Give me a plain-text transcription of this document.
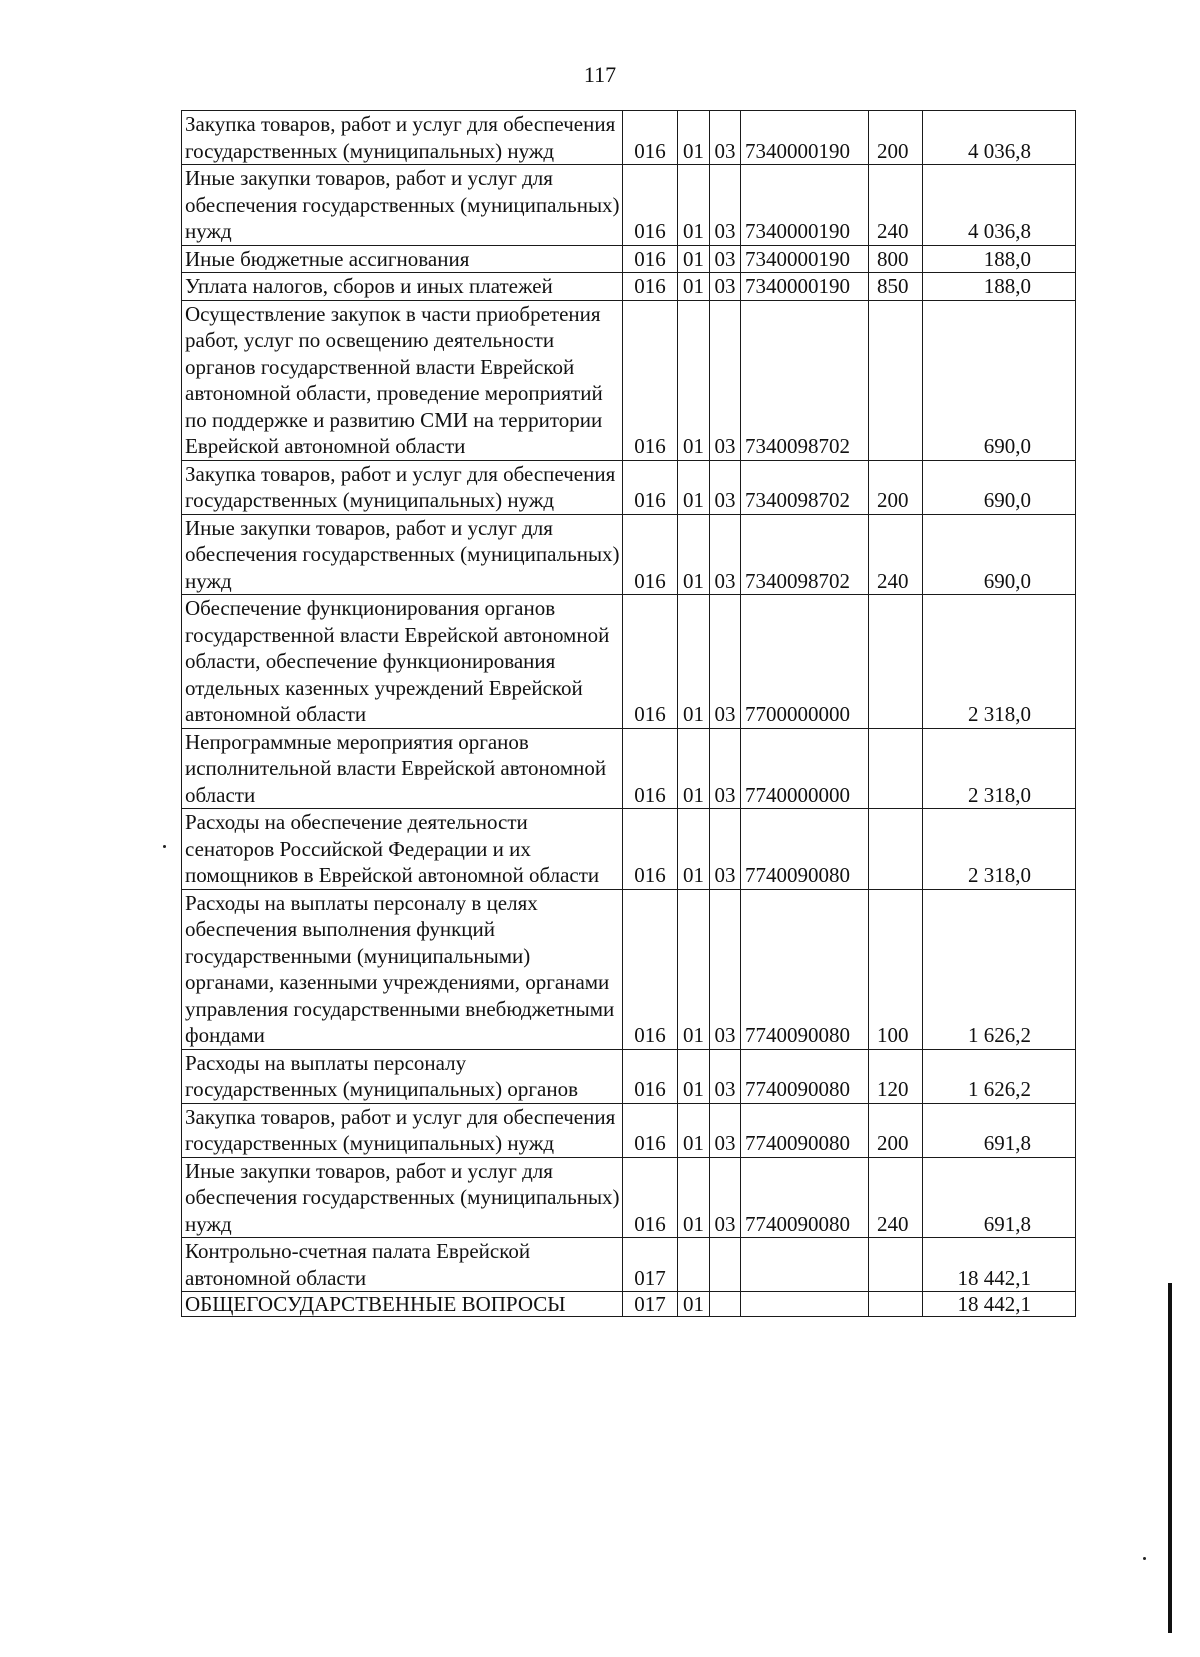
117
Закупка товаров, работ и услуг для обеспечения государственных (муниципальных) нужд	016	01	03	7340000190	200	4 036,8
Иные закупки товаров, работ и услуг для обеспечения государственных (муниципальных) нужд	016	01	03	7340000190	240	4 036,8
Иные бюджетные ассигнования	016	01	03	7340000190	800	188,0
Уплата налогов, сборов и иных платежей	016	01	03	7340000190	850	188,0
Осуществление закупок в части приобретения работ, услуг по освещению деятельности органов государственной власти Еврейской автономной области, проведение мероприятий по поддержке и развитию СМИ на территории Еврейской автономной области	016	01	03	7340098702		690,0
Закупка товаров, работ и услуг для обеспечения государственных (муниципальных) нужд	016	01	03	7340098702	200	690,0
Иные закупки товаров, работ и услуг для обеспечения государственных (муниципальных) нужд	016	01	03	7340098702	240	690,0
Обеспечение функционирования органов государственной власти Еврейской автономной области, обеспечение функционирования отдельных казенных учреждений Еврейской автономной области	016	01	03	7700000000		2 318,0
Непрограммные мероприятия органов исполнительной власти Еврейской автономной области	016	01	03	7740000000		2 318,0
Расходы на обеспечение деятельности сенаторов Российской Федерации и их помощников в Еврейской автономной области	016	01	03	7740090080		2 318,0
Расходы на выплаты персоналу в целях обеспечения выполнения функций государственными (муниципальными) органами, казенными учреждениями, органами управления государственными внебюджетными фондами	016	01	03	7740090080	100	1 626,2
Расходы на выплаты персоналу государственных (муниципальных) органов	016	01	03	7740090080	120	1 626,2
Закупка товаров, работ и услуг для обеспечения государственных (муниципальных) нужд	016	01	03	7740090080	200	691,8
Иные закупки товаров, работ и услуг для обеспечения государственных (муниципальных) нужд	016	01	03	7740090080	240	691,8
Контрольно-счетная палата Еврейской автономной области	017					18 442,1
ОБЩЕГОСУДАРСТВЕННЫЕ ВОПРОСЫ	017	01				18 442,1
